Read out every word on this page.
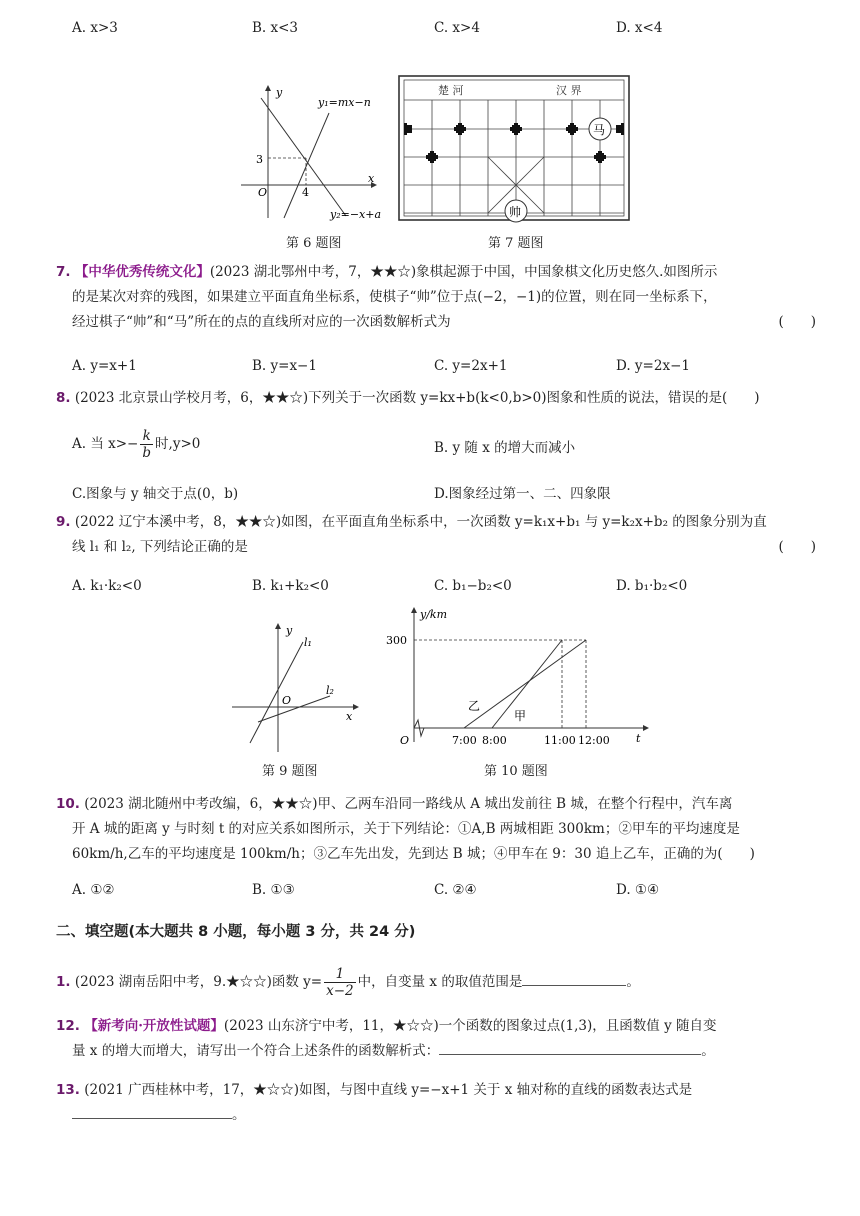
A. x>3	B. x<3	C. x>4	D. x<4
y
x
O
y₁=mx−n
y₂=−x+a
3
4
第 6 题图
楚 河	汉 界
马
帅
第 7 题图
7. 【中华优秀传统文化】(2023 湖北鄂州中考，7，★★☆)象棋起源于中国，中国象棋文化历史悠久.如图所示
的是某次对弈的残图，如果建立平面直角坐标系，使棋子“帅”位于点(−2，−1)的位置，则在同一坐标系下，
经过棋子“帅”和“马”所在的点的直线所对应的一次函数解析式为	(　　)
A. y=x+1	B. y=x−1	C. y=2x+1	D. y=2x−1
8. (2023 北京景山学校月考，6，★★☆)下列关于一次函数 y=kx+b(k<0,b>0)图象和性质的说法，错误的是(　　)
A. 当 $x>- \frac{k}{b}$ 时,y>0	B. y 随 x 的增大而减小
C.图象与 y 轴交于点(0，b)	D.图象经过第一、二、四象限
9. (2022 辽宁本溪中考，8，★★☆)如图，在平面直角坐标系中，一次函数 y=k₁x+b₁ 与 y=k₂x+b₂ 的图象分别为直
线 l₁ 和 l₂, 下列结论正确的是	(　　)
A. k₁·k₂<0	B. k₁+k₂<0	C. b₁−b₂<0	D. b₁·b₂<0
y
x
O
l₁
l₂
第 9 题图
y/km
t
O
300
7:00 8:00	11:00 12:00
乙
甲
第 10 题图
10. (2023 湖北随州中考改编，6，★★☆)甲、乙两车沿同一路线从 A 城出发前往 B 城，在整个行程中，汽车离
开 A 城的距离 y 与时刻 t 的对应关系如图所示，关于下列结论：①A,B 两城相距 300km；②甲车的平均速度是
60km/h,乙车的平均速度是 100km/h；③乙车先出发，先到达 B 城；④甲车在 9：30 追上乙车，正确的为(　　)
A. ①②	B. ①③	C. ②④	D. ①④
二、填空题(本大题共 8 小题，每小题 3 分，共 24 分)
1. (2023 湖南岳阳中考，9.★☆☆)函数 $y= \frac{1}{x-2}$ 中，自变量 x 的取值范围是	。
12. 【新考向·开放性试题】(2023 山东济宁中考，11，★☆☆)一个函数的图象过点(1,3)，且函数值 y 随自变
量 x 的增大而增大，请写出一个符合上述条件的函数解析式：	。
13. (2021 广西桂林中考，17，★☆☆)如图，与图中直线 y=−x+1 关于 x 轴对称的直线的函数表达式是
。
